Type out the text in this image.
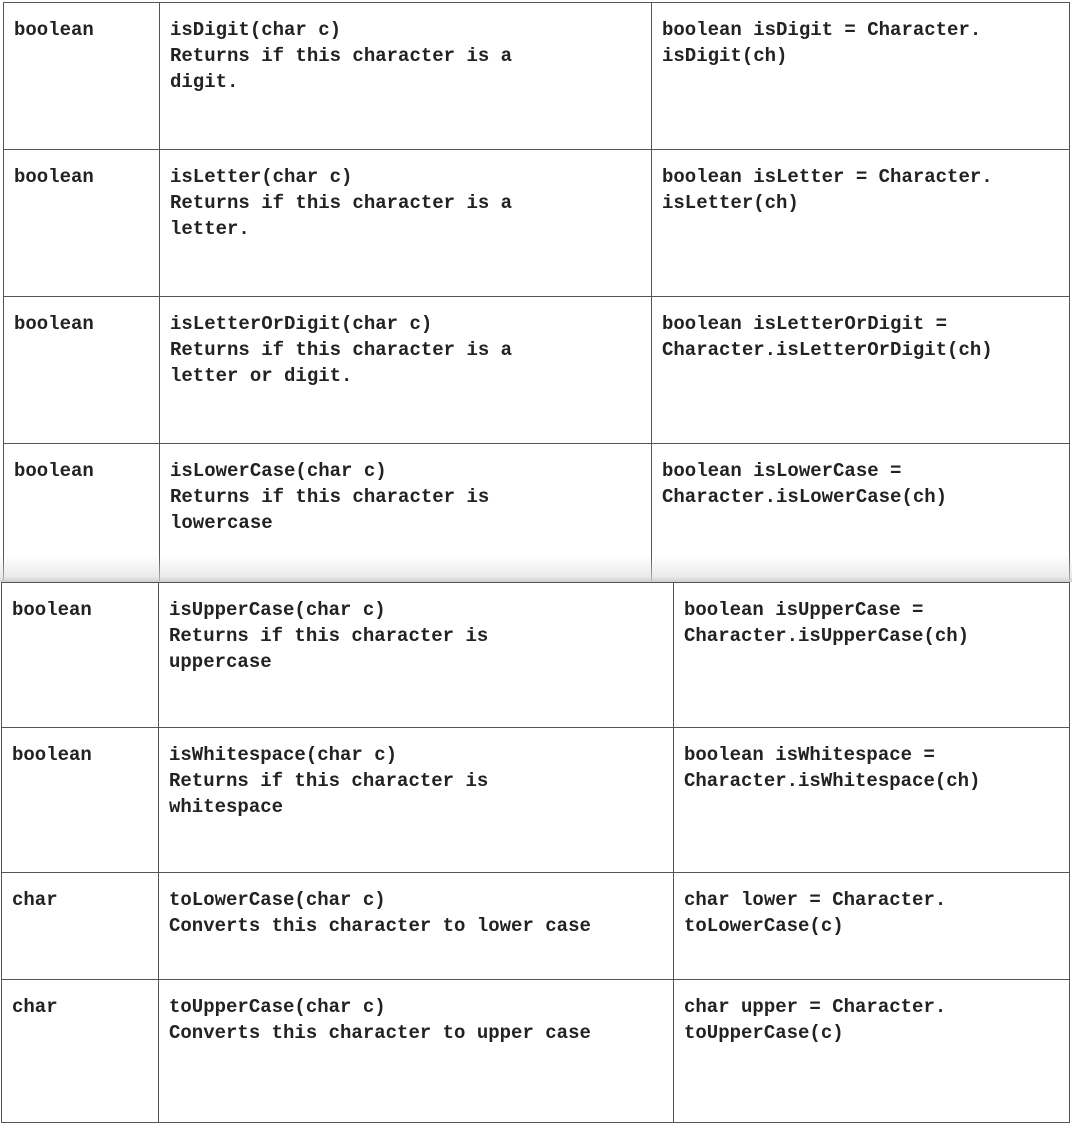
boolean	isDigit(char c)
Returns if this character is a
digit.	boolean isDigit = Character.
isDigit(ch)
boolean	isLetter(char c)
Returns if this character is a
letter.	boolean isLetter = Character.
isLetter(ch)
boolean	isLetterOrDigit(char c)
Returns if this character is a
letter or digit.	boolean isLetterOrDigit =
Character.isLetterOrDigit(ch)
boolean	isLowerCase(char c)
Returns if this character is
lowercase	boolean isLowerCase =
Character.isLowerCase(ch)
boolean	isUpperCase(char c)
Returns if this character is
uppercase	boolean isUpperCase =
Character.isUpperCase(ch)
boolean	isWhitespace(char c)
Returns if this character is
whitespace	boolean isWhitespace =
Character.isWhitespace(ch)
char	toLowerCase(char c)
Converts this character to lower case	char lower = Character.
toLowerCase(c)
char	toUpperCase(char c)
Converts this character to upper case	char upper = Character.
toUpperCase(c)
